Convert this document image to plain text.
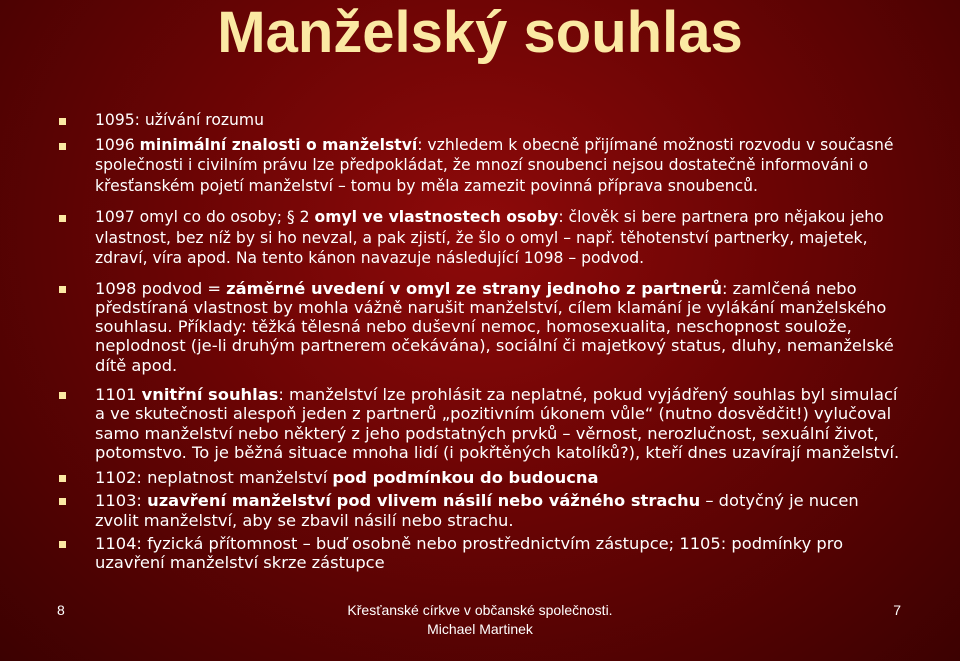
Manželský souhlas
1095: užívání rozumu
1096 minimální znalosti o manželství: vzhledem k obecně přijímané možnosti rozvodu v současné společnosti i civilním právu lze předpokládat, že mnozí snoubenci nejsou dostatečně informováni o křesťanském pojetí manželství – tomu by měla zamezit povinná příprava snoubenců.
1097 omyl co do osoby; § 2 omyl ve vlastnostech osoby: člověk si bere partnera pro nějakou jeho vlastnost, bez níž by si ho nevzal, a pak zjistí, že šlo o omyl – např. těhotenství partnerky, majetek, zdraví, víra apod. Na tento kánon navazuje následující 1098 – podvod.
1098 podvod = záměrné uvedení v omyl ze strany jednoho z partnerů: zamlčená nebo předstíraná vlastnost by mohla vážně narušit manželství, cílem klamání je vylákání manželského souhlasu. Příklady: těžká tělesná nebo duševní nemoc, homosexualita, neschopnost soulože, neplodnost (je-li druhým partnerem očekávána), sociální či majetkový status, dluhy, nemanželské dítě apod.
1101 vnitřní souhlas: manželství lze prohlásit za neplatné, pokud vyjádřený souhlas byl simulací a ve skutečnosti alespoň jeden z partnerů „pozitivním úkonem vůle“ (nutno dosvědčit!) vylučoval samo manželství nebo některý z jeho podstatných prvků – věrnost, nerozlučnost, sexuální život, potomstvo. To je běžná situace mnoha lidí (i pokřtěných katolíků?), kteří dnes uzavírají manželství.
1102: neplatnost manželství pod podmínkou do budoucna
1103: uzavření manželství pod vlivem násilí nebo vážného strachu – dotyčný je nucen zvolit manželství, aby se zbavil násilí nebo strachu.
1104: fyzická přítomnost – buď osobně nebo prostřednictvím zástupce; 1105: podmínky pro uzavření manželství skrze zástupce
8	Křesťanské církve v občanské společnosti.
Michael Martinek
7
